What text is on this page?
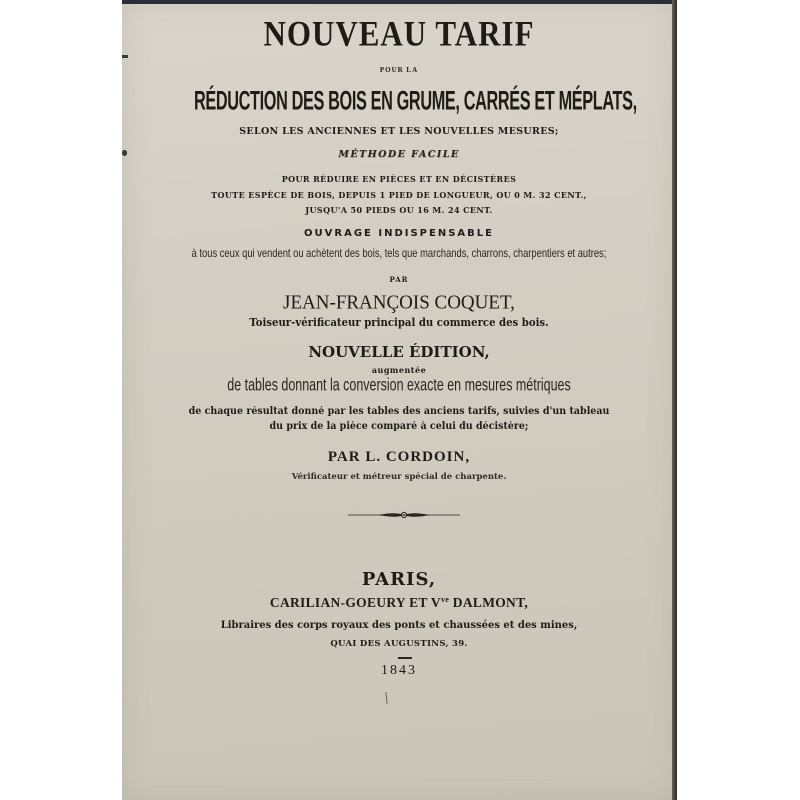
NOUVEAU TARIF
POUR LA
RÉDUCTION DES BOIS EN GRUME, CARRÉS ET MÉPLATS,
SELON LES ANCIENNES ET LES NOUVELLES MESURES;
MÉTHODE FACILE
POUR RÉDUIRE EN PIÈCES ET EN DÉCISTÈRES
TOUTE ESPÈCE DE BOIS, DEPUIS 1 PIED DE LONGUEUR, OU 0 M. 32 CENT.,
JUSQU'A 50 PIEDS OU 16 M. 24 CENT.
OUVRAGE INDISPENSABLE
à tous ceux qui vendent ou achètent des bois, tels que marchands, charrons, charpentiers et autres;
PAR
JEAN-FRANÇOIS COQUET,
Toiseur-vérificateur principal du commerce des bois.
NOUVELLE ÉDITION,
augmentée
de tables donnant la conversion exacte en mesures métriques
de chaque résultat donné par les tables des anciens tarifs, suivies d'un tableau
du prix de la pièce comparé à celui du décistère;
PAR L. CORDOIN,
Vérificateur et métreur spécial de charpente.
PARIS,
CARILIAN-GOEURY ET $V^{ve}$ DALMONT,
Libraires des corps royaux des ponts et chaussées et des mines,
QUAI DES AUGUSTINS, 39.
1843
